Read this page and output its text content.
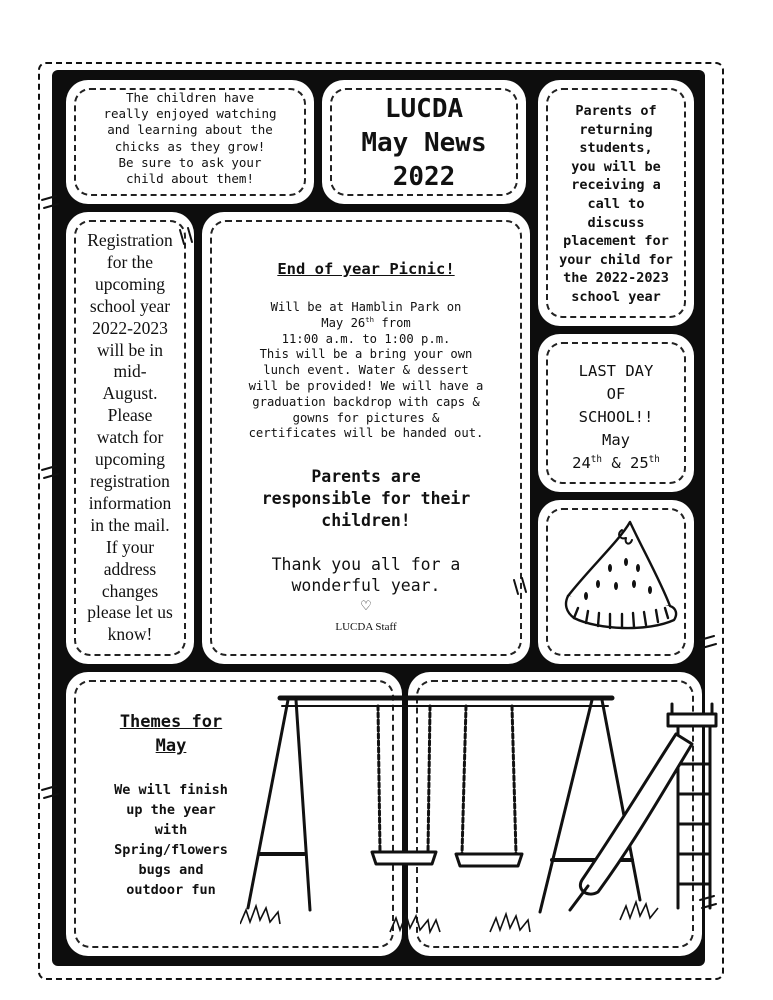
The children have
really enjoyed watching
and learning about the
chicks as they grow!
Be sure to ask your
child about them!
LUCDA
May News
2022
Parents of
returning
students,
you will be
receiving a
call to
discuss
placement for
your child for
the 2022-2023
school year
Registration
for the
upcoming
school year
2022-2023
will be in
mid-
August.
Please
watch for
upcoming
registration
information
in the mail.
If your
address
changes
please let us
know!
End of year Picnic!
Will be at Hamblin Park on
May 26th from
11:00 a.m. to 1:00 p.m.
This will be a bring your own
lunch event. Water & dessert
will be provided! We will have a
graduation backdrop with caps &
gowns for pictures &
certificates will be handed out.
Parents are
responsible for their
children!
Thank you all for a
wonderful year.
♡
LUCDA Staff
LAST DAY
OF
SCHOOL!!
May
24th & 25th
Themes for
May
We will finish
up the year
with
Spring/flowers
bugs and
outdoor fun
